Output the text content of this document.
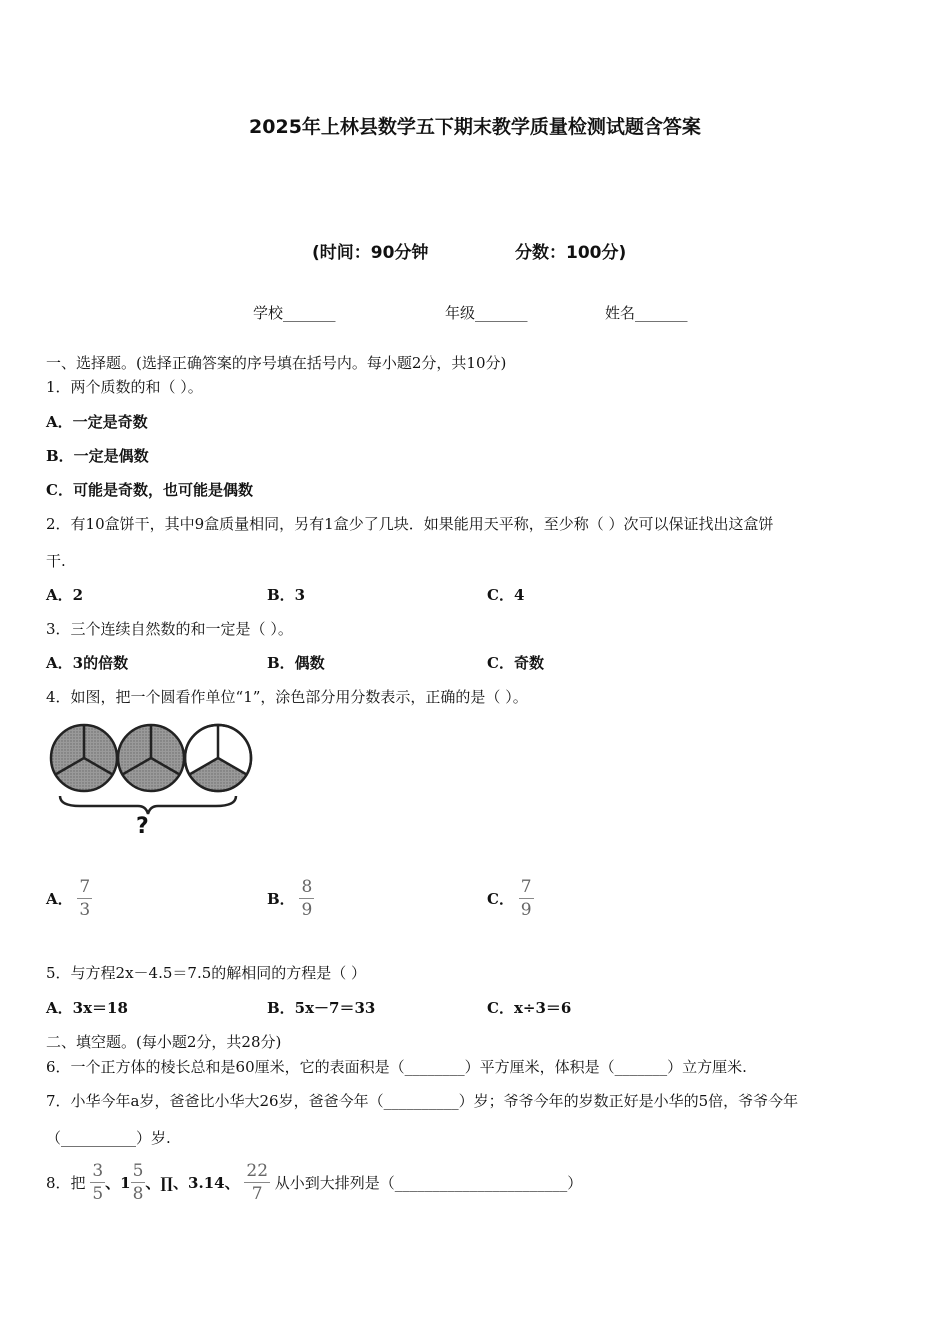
2025年上林县数学五下期末教学质量检测试题含答案
(时间：90分钟	分数：100分)
学校_______	年级_______	姓名_______
一、选择题。(选择正确答案的序号填在括号内。每小题2分，共10分)
1．两个质数的和（ ）。
A．一定是奇数
B．一定是偶数
C．可能是奇数，也可能是偶数
2．有10盒饼干，其中9盒质量相同，另有1盒少了几块．如果能用天平称，至少称（ ）次可以保证找出这盒饼
干.
A．2	B．3	C．4
3．三个连续自然数的和一定是（ ）。
A．3的倍数	B．偶数	C．奇数
4．如图，把一个圆看作单位“1”，涂色部分用分数表示，正确的是（ ）。
?
A． $\frac{7}{3}$	B． $\frac{8}{9}$	C． $\frac{7}{9}$
5．与方程2x－4.5＝7.5的解相同的方程是（ ）
A．3x＝18	B．5x－7＝33	C．x÷3＝6
二、填空题。(每小题2分，共28分)
6．一个正方体的棱长总和是60厘米，它的表面积是（________）平方厘米，体积是（_______）立方厘米.
7．小华今年a岁，爸爸比小华大26岁，爸爸今年（__________）岁；爷爷今年的岁数正好是小华的5倍，爷爷今年
（__________）岁.
8．把 $\frac{3}{5}$ 、$1 \frac{5}{8}$ 、∏、3.14、 $\frac{22}{7}$ 从小到大排列是（_______________________）
